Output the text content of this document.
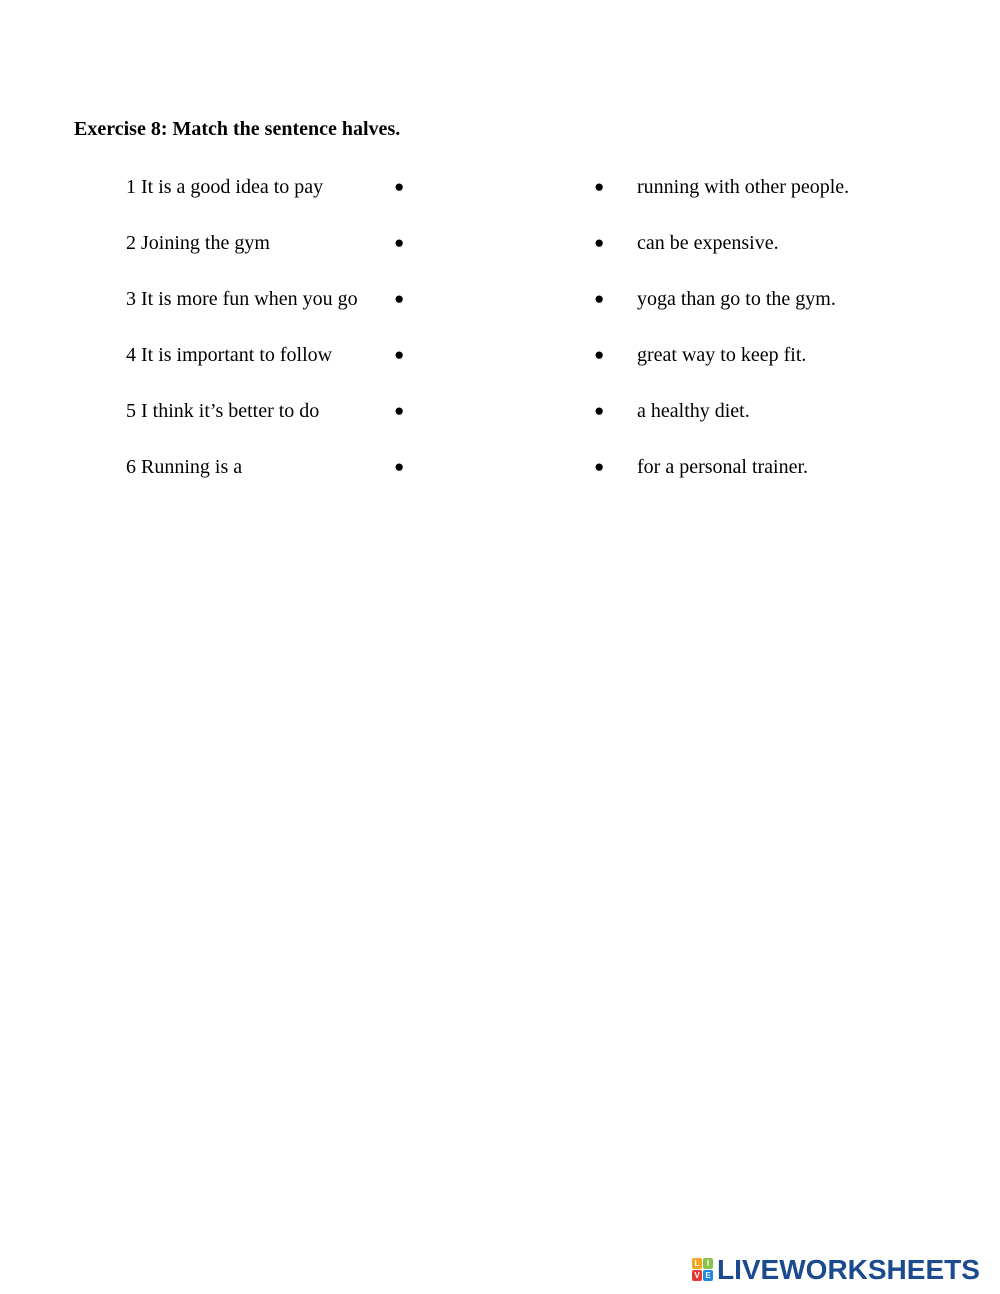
Exercise 8: Match the sentence halves.
1 It is a good idea to pay	●	● running with other people.
2 Joining the gym	●	● can be expensive.
3 It is more fun when you go ●	● yoga than go to the gym.
4 It is important to follow	●	● great way to keep fit.
5 I think it’s better to do	●	● a healthy diet.
6 Running is a	●	● for a personal trainer.
L I
V E LIVEWORKSHEETS
